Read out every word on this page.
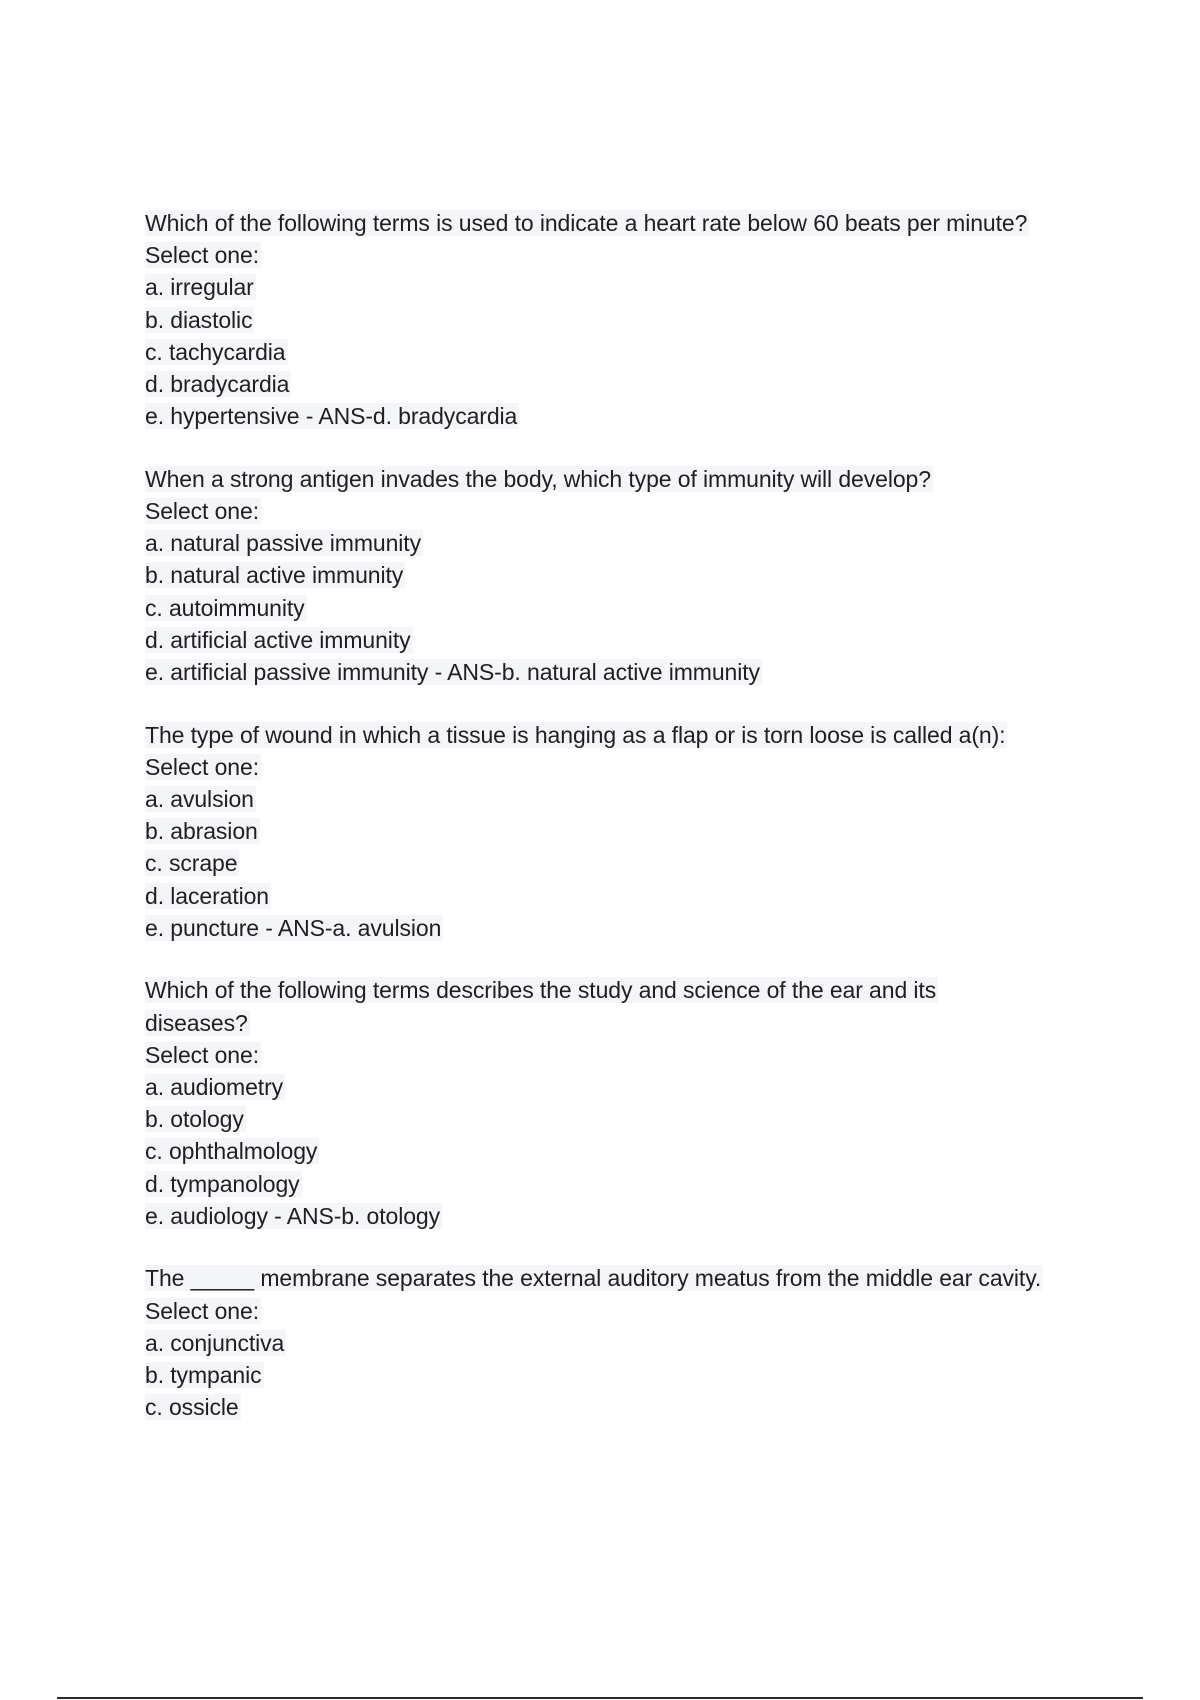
Which of the following terms is used to indicate a heart rate below 60 beats per minute?
Select one:
a. irregular
b. diastolic
c. tachycardia
d. bradycardia
e. hypertensive - ANS-d. bradycardia
When a strong antigen invades the body, which type of immunity will develop?
Select one:
a. natural passive immunity
b. natural active immunity
c. autoimmunity
d. artificial active immunity
e. artificial passive immunity - ANS-b. natural active immunity
The type of wound in which a tissue is hanging as a flap or is torn loose is called a(n):
Select one:
a. avulsion
b. abrasion
c. scrape
d. laceration
e. puncture - ANS-a. avulsion
Which of the following terms describes the study and science of the ear and its
diseases?
Select one:
a. audiometry
b. otology
c. ophthalmology
d. tympanology
e. audiology - ANS-b. otology
The _____ membrane separates the external auditory meatus from the middle ear cavity.
Select one:
a. conjunctiva
b. tympanic
c. ossicle
